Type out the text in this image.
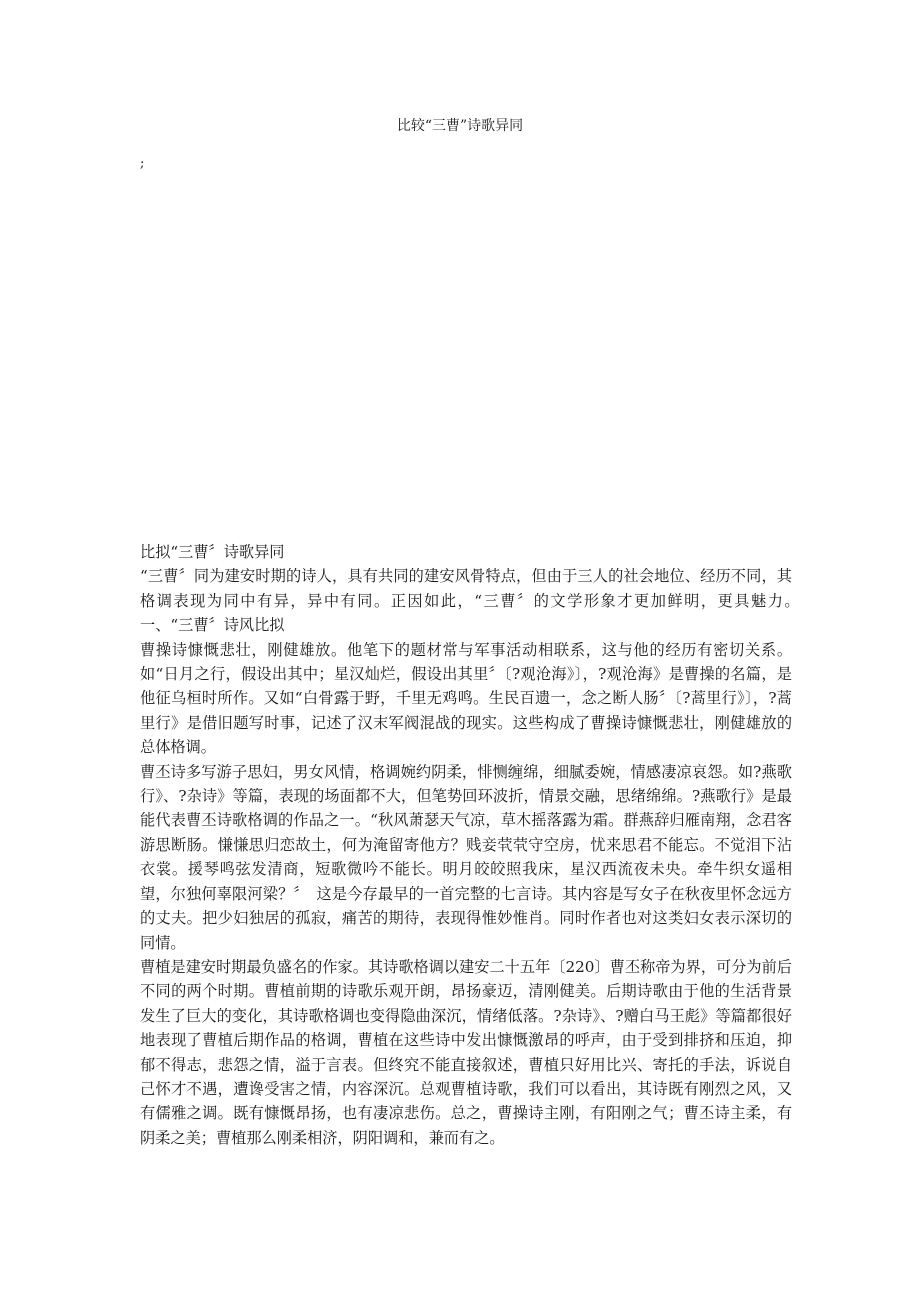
比较“三曹”诗歌异同
;

比拟“三曹〞诗歌异同

“三曹〞同为建安时期的诗人，具有共同的建安风骨特点，但由于三人的社会地位、经历不同，其格调表现为同中有异，异中有同。正因如此，“三曹〞的文学形象才更加鲜明，更具魅力。　一、“三曹〞诗风比拟

曹操诗慷慨悲壮，刚健雄放。他笔下的题材常与军事活动相联系，这与他的经历有密切关系。如“日月之行，假设出其中；星汉灿烂，假设出其里〞〔?观沧海》〕，?观沧海》是曹操的名篇，是他征乌桓时所作。又如“白骨露于野，千里无鸡鸣。生民百遗一，念之断人肠〞〔?蒿里行》〕，?蒿里行》是借旧题写时事，记述了汉末军阀混战的现实。这些构成了曹操诗慷慨悲壮，刚健雄放的总体格调。

曹丕诗多写游子思妇，男女风情，格调婉约阴柔，悱恻缠绵，细腻委婉，情感凄凉哀怨。如?燕歌行》、?杂诗》等篇，表现的场面都不大，但笔势回环波折，情景交融，思绪绵绵。?燕歌行》是最能代表曹丕诗歌格调的作品之一。“秋风萧瑟天气凉，草木摇落露为霜。群燕辞归雁南翔，念君客游思断肠。慊慊思归恋故土，何为淹留寄他方？贱妾茕茕守空房，忧来思君不能忘。不觉泪下沾衣裳。援琴鸣弦发清商，短歌微吟不能长。明月皎皎照我床，星汉西流夜未央。牵牛织女遥相望，尔独何辜限河梁？〞　这是今存最早的一首完整的七言诗。其内容是写女子在秋夜里怀念远方的丈夫。把少妇独居的孤寂，痛苦的期待，表现得惟妙惟肖。同时作者也对这类妇女表示深切的同情。

曹植是建安时期最负盛名的作家。其诗歌格调以建安二十五年〔220〕曹丕称帝为界，可分为前后不同的两个时期。曹植前期的诗歌乐观开朗，昂扬豪迈，清刚健美。后期诗歌由于他的生活背景发生了巨大的变化，其诗歌格调也变得隐曲深沉，情绪低落。?杂诗》、?赠白马王彪》等篇都很好地表现了曹植后期作品的格调，曹植在这些诗中发出慷慨激昂的呼声，由于受到排挤和压迫，抑郁不得志，悲怨之情，溢于言表。但终究不能直接叙述，曹植只好用比兴、寄托的手法，诉说自己怀才不遇，遭谗受害之情，内容深沉。总观曹植诗歌，我们可以看出，其诗既有刚烈之风，又有儒雅之调。既有慷慨昂扬，也有凄凉悲伤。总之，曹操诗主刚，有阳刚之气；曹丕诗主柔，有阴柔之美；曹植那么刚柔相济，阴阳调和，兼而有之。
